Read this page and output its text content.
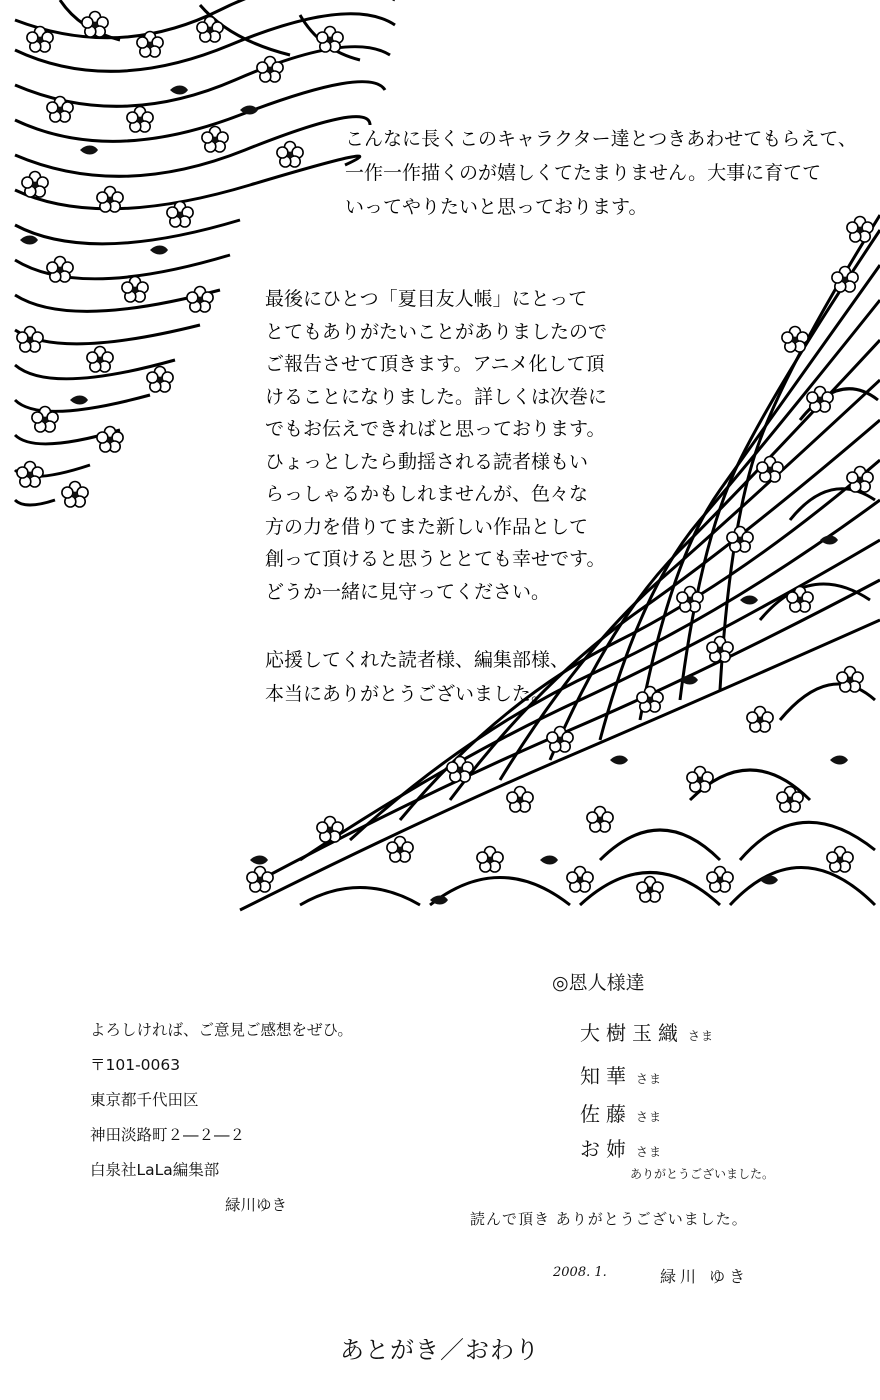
こんなに長くこのキャラクター達とつきあわせてもらえて、
一作一作描くのが嬉しくてたまりません。大事に育てて
いってやりたいと思っております。
最後にひとつ「夏目友人帳」にとって
とてもありがたいことがありましたので
ご報告させて頂きます。アニメ化して頂
けることになりました。詳しくは次巻に
でもお伝えできればと思っております。
ひょっとしたら動揺される読者様もい
らっしゃるかもしれませんが、色々な
方の力を借りてまた新しい作品として
創って頂けると思うととても幸せです。
どうか一緒に見守ってください。
応援してくれた読者様、編集部様、
本当にありがとうございました。
よろしければ、ご意見ご感想をぜひ。
〒101-0063
東京都千代田区
神田淡路町２―２―２
白泉社LaLa編集部
緑川ゆき
◎恩人様達
大樹玉織 さま
知華 さま
佐藤 さま
お姉 さま
ありがとうございました。
読んで頂き ありがとうございました。
2008. 1.	緑川 ゆき
あとがき／おわり
